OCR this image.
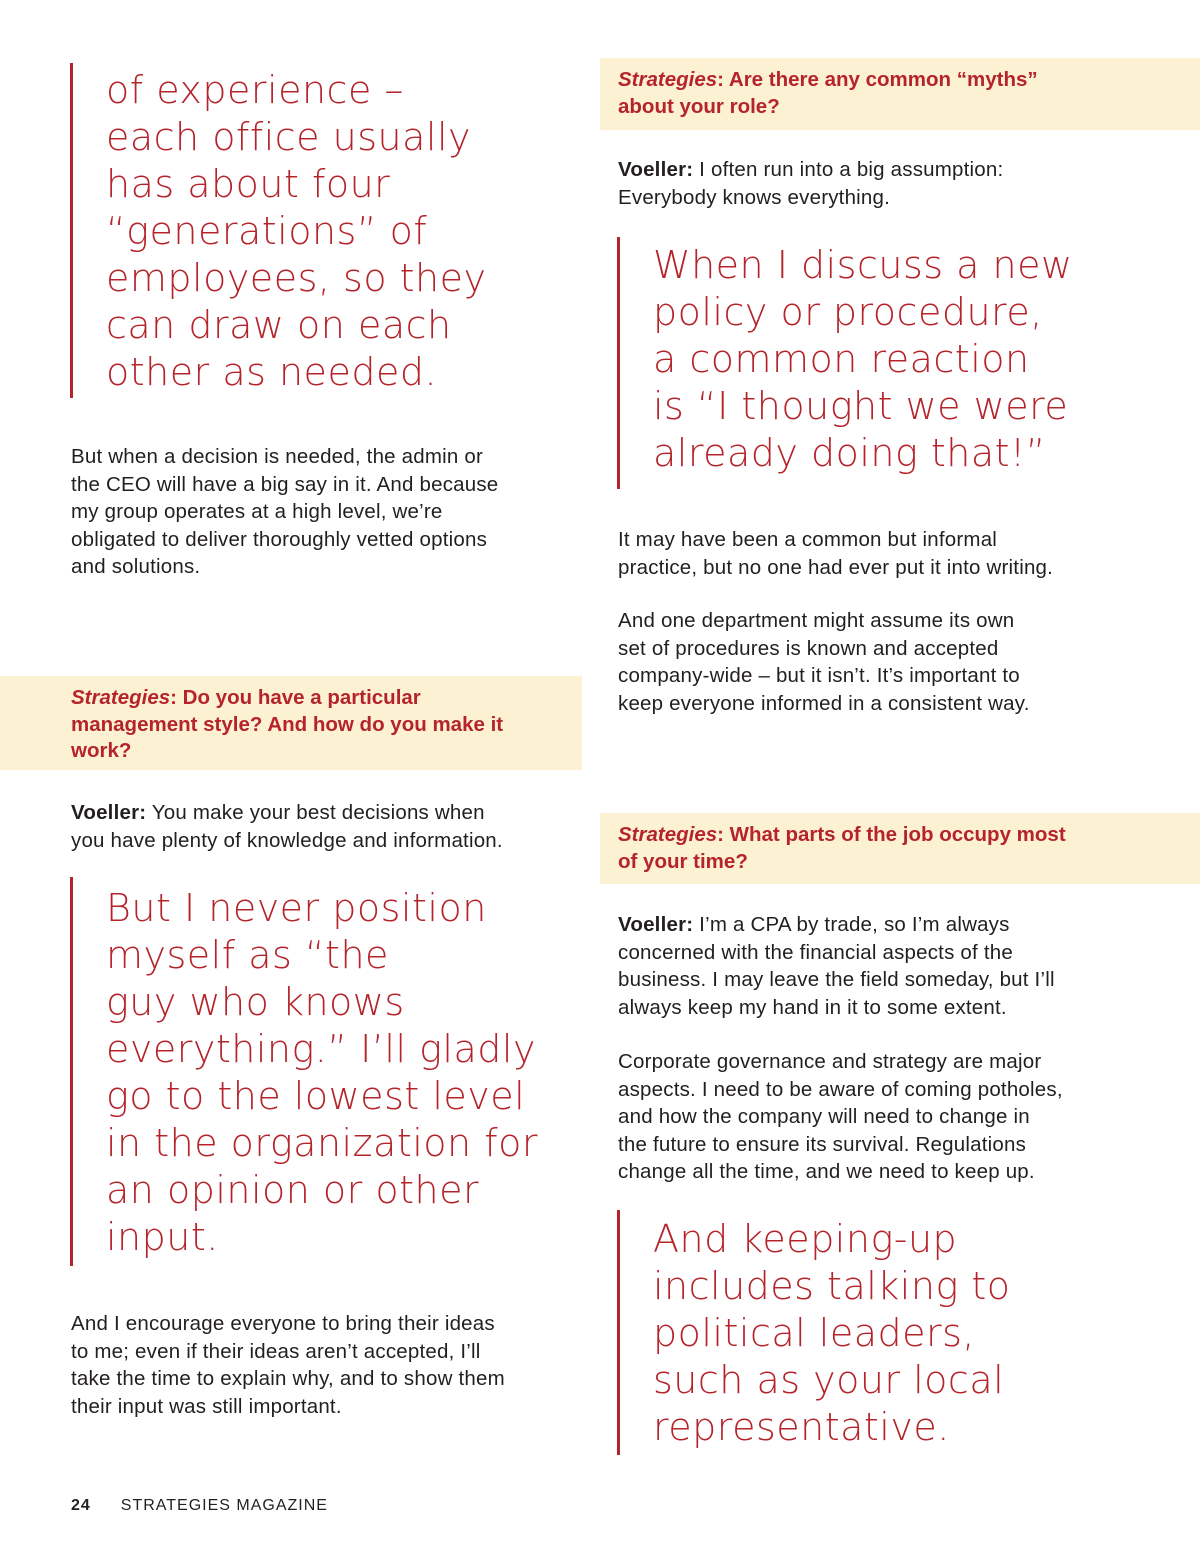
of experience –

each office usually

has about four

“generations” of

employees, so they

can draw on each

other as needed.

But when a decision is needed, the admin or

the CEO will have a big say in it. And because

my group operates at a high level, we’re

obligated to deliver thoroughly vetted options

and solutions.

Strategies: Do you have a particular

management style? And how do you make it

work?

Voeller: You make your best decisions when

you have plenty of knowledge and information.

But I never position

myself as “the

guy who knows

everything.” I’ll gladly

go to the lowest level

in the organization for

an opinion or other

input.

And I encourage everyone to bring their ideas

to me; even if their ideas aren’t accepted, I’ll

take the time to explain why, and to show them

their input was still important.

Strategies: Are there any common “myths”

about your role?

Voeller: I often run into a big assumption:

Everybody knows everything.

When I discuss a new

policy or procedure,

a common reaction

is “I thought we were

already doing that!”

It may have been a common but informal

practice, but no one had ever put it into writing.

And one department might assume its own

set of procedures is known and accepted

company-wide – but it isn’t. It’s important to

keep everyone informed in a consistent way.

Strategies: What parts of the job occupy most

of your time?

Voeller: I’m a CPA by trade, so I’m always

concerned with the financial aspects of the

business. I may leave the field someday, but I’ll

always keep my hand in it to some extent.

Corporate governance and strategy are major

aspects. I need to be aware of coming potholes,

and how the company will need to change in

the future to ensure its survival. Regulations

change all the time, and we need to keep up.

And keeping-up

includes talking to

political leaders,

such as your local

representative.

24 STRATEGIES MAGAZINE
